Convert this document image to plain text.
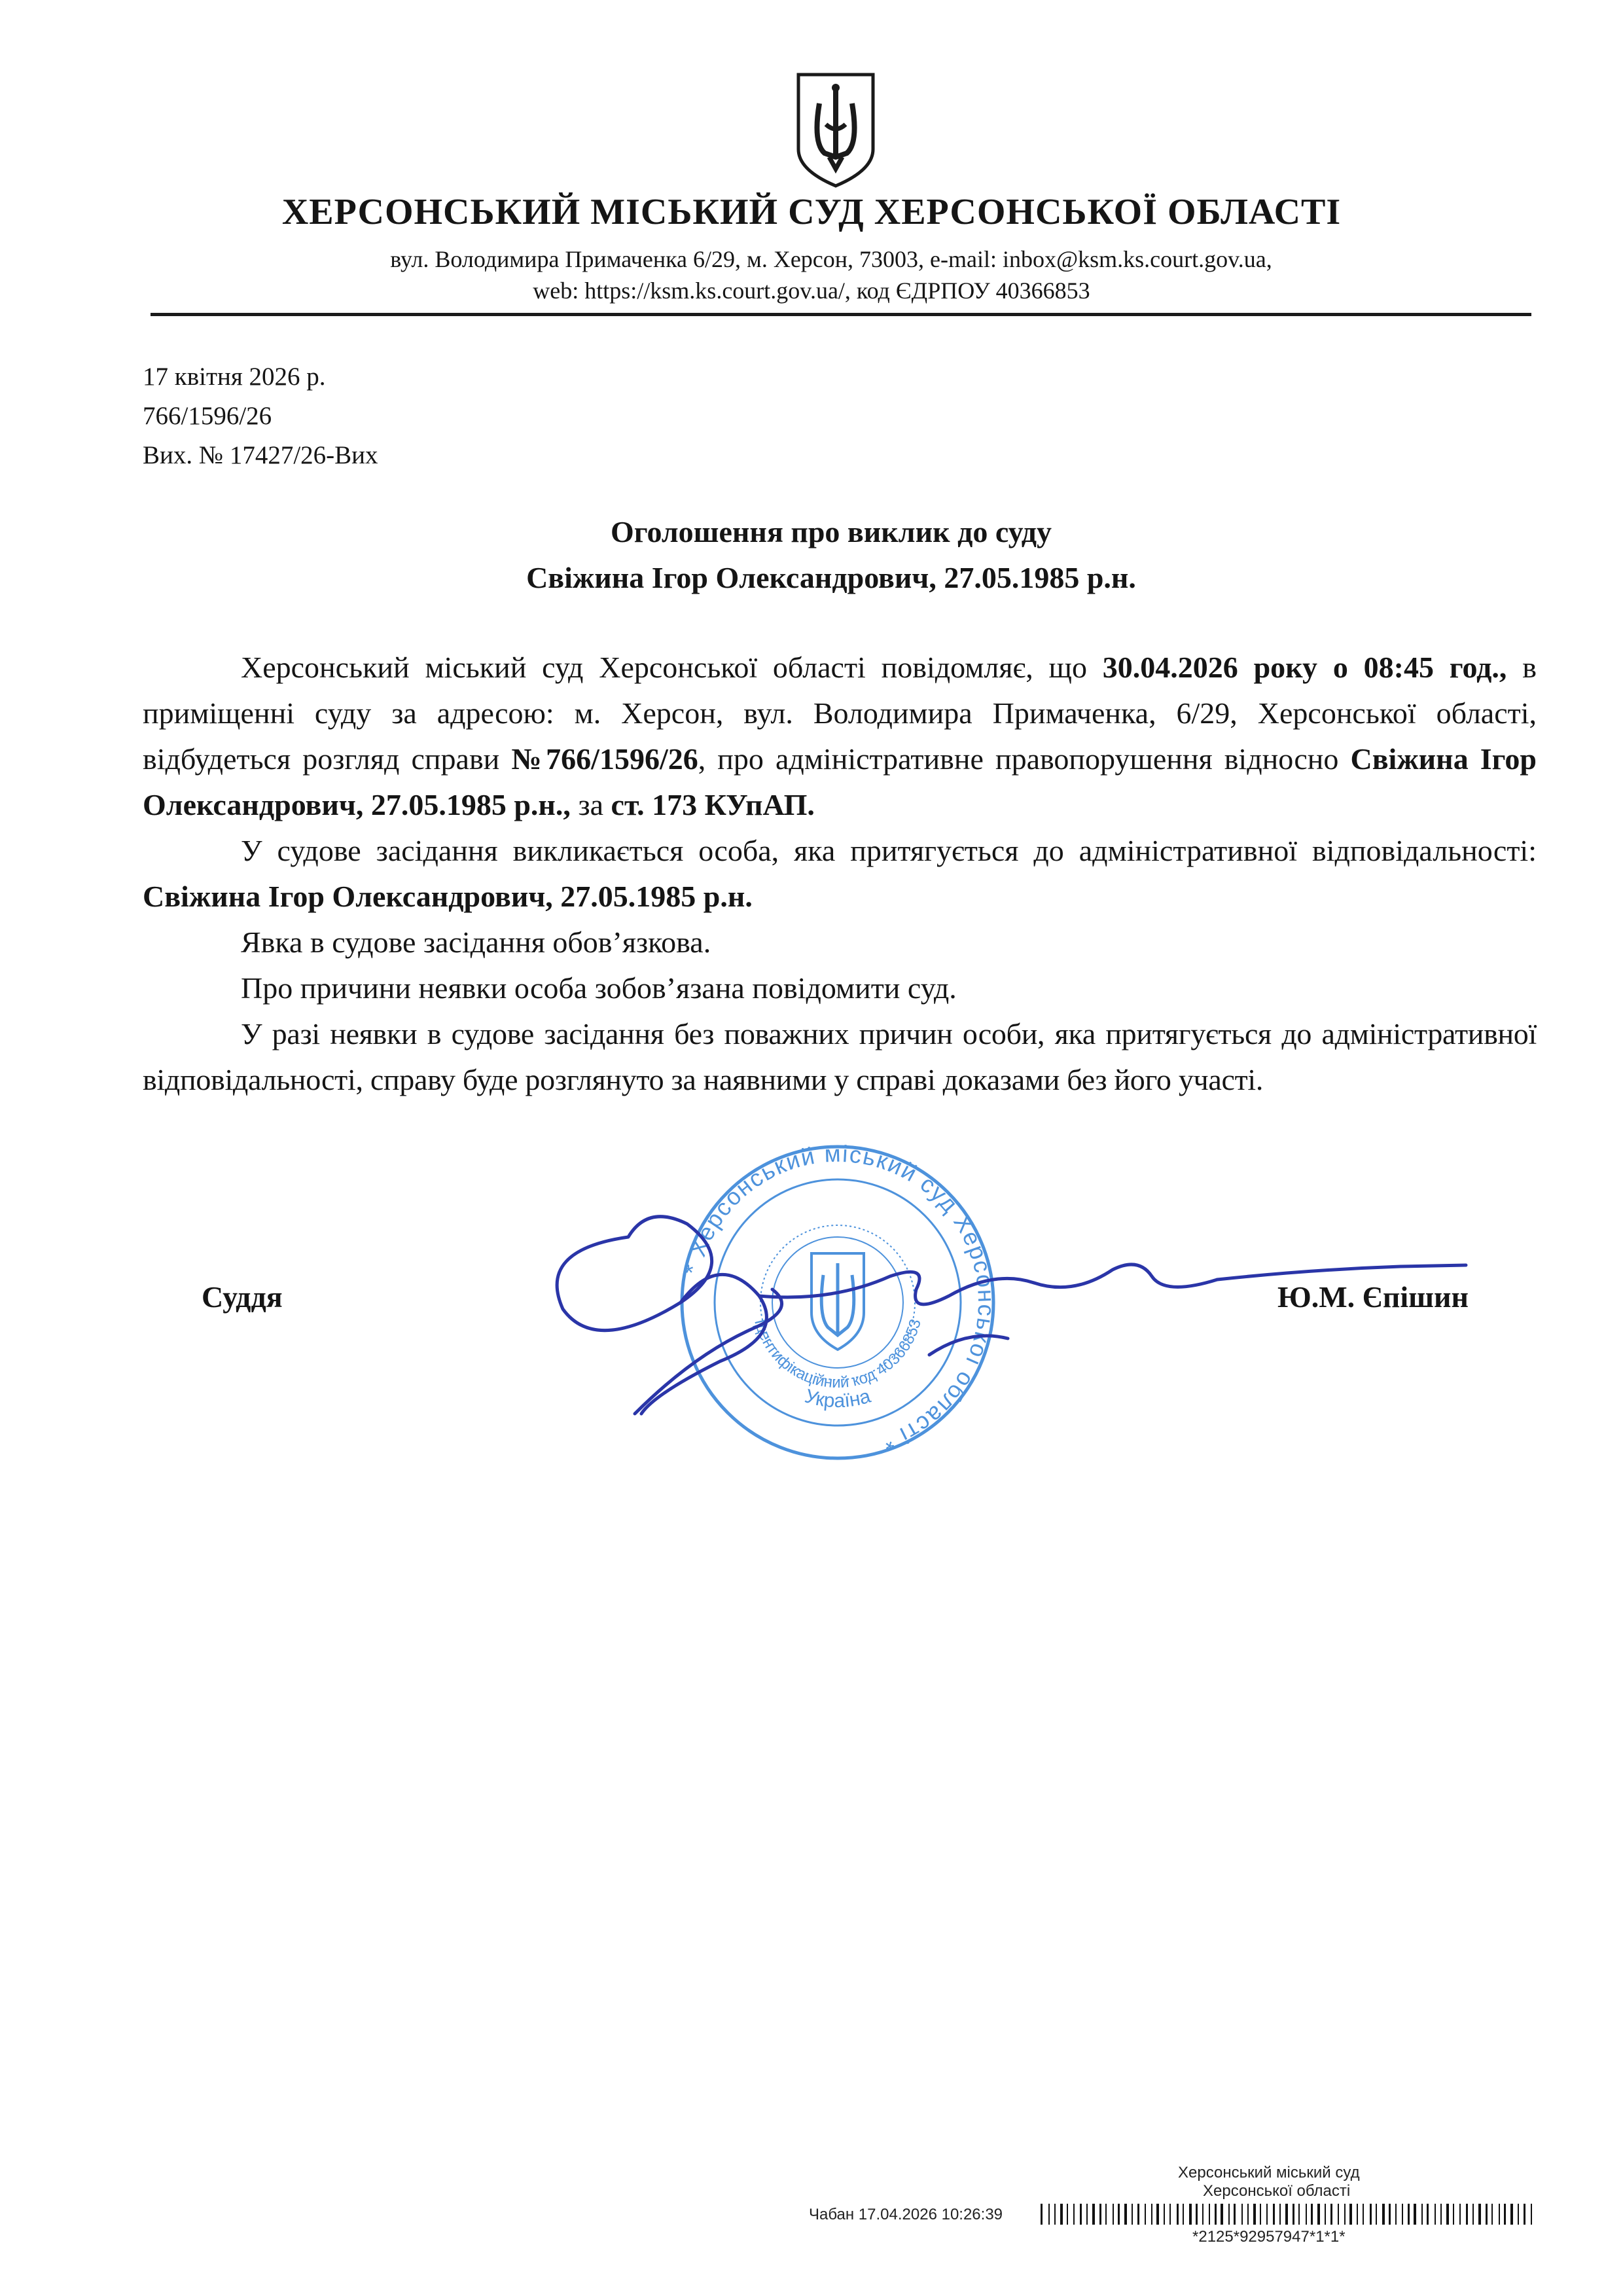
ХЕРСОНСЬКИЙ МІСЬКИЙ СУД ХЕРСОНСЬКОЇ ОБЛАСТІ
вул. Володимира Примаченка 6/29, м. Херсон, 73003, e-mail: inbox@ksm.ks.court.gov.ua,
web: https://ksm.ks.court.gov.ua/, код ЄДРПОУ 40366853
17 квітня 2026 р.
766/1596/26
Вих. № 17427/26-Вих
Оголошення про виклик до суду
Свіжина Ігор Олександрович, 27.05.1985 р.н.

Херсонський міський суд Херсонської області повідомляє, що 30.04.2026 року о 08:45 год., в приміщенні суду за адресою: м. Херсон, вул. Володимира Примаченка, 6/29, Херсонської області, відбудеться розгляд справи №766/1596/26, про адміністративне правопорушення відносно Свіжина Ігор Олександрович, 27.05.1985 р.н., за ст. 173 КУпАП.

У судове засідання викликається особа, яка притягується до адміністративної відповідальності: Свіжина Ігор Олександрович, 27.05.1985 р.н.

Явка в судове засідання обов’язкова.

Про причини неявки особа зобов’язана повідомити суд.

У разі неявки в судове засідання без поважних причин особи, яка притягується до адміністративної відповідальності, справу буде розглянуто за наявними у справі доказами без його участі.

* Херсонський міський суд Херсонської області *
Україна
Ідентифікаційний код 40366853
Суддя	Ю.М. Єпішин
Херсонський міський суд
Херсонської області
Чабан 17.04.2026 10:26:39
*2125*92957947*1*1*
